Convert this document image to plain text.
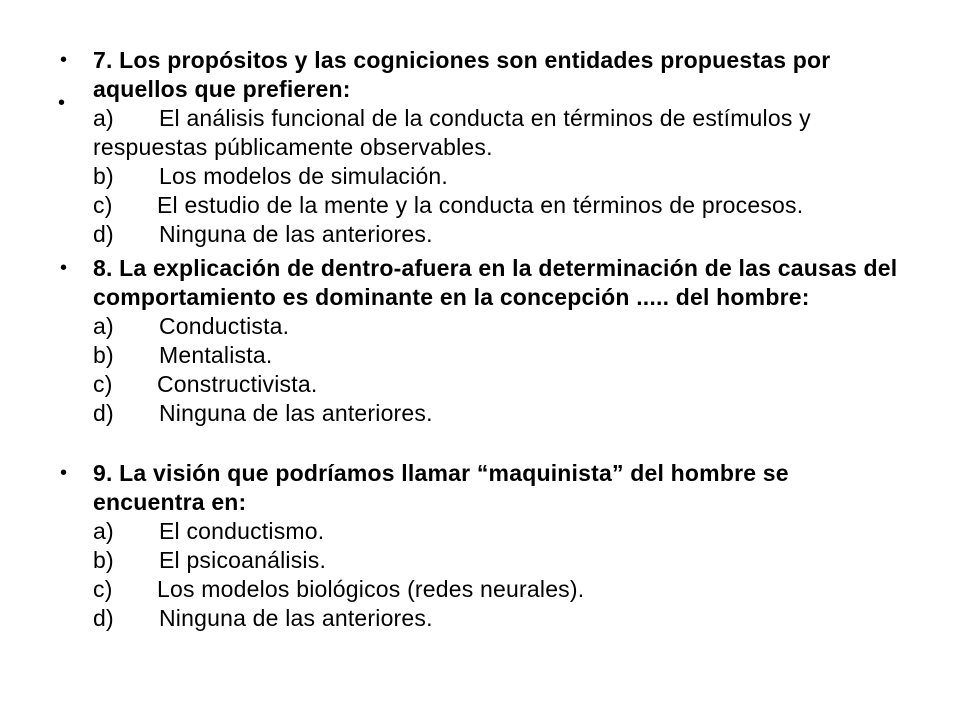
•
•	7. Los propósitos y las cogniciones son entidades propuestas por aquellos que prefieren:
a) El análisis funcional de la conducta en términos de estímulos y
respuestas públicamente observables.
b) Los modelos de simulación.
c) El estudio de la mente y la conducta en términos de procesos.
d) Ninguna de las anteriores.
•	8. La explicación de dentro-afuera en la determinación de las causas del comportamiento es dominante en la concepción ..... del hombre:
a) Conductista.
b) Mentalista.
c) Constructivista.
d) Ninguna de las anteriores.
•	9. La visión que podríamos llamar “maquinista” del hombre se encuentra en:
a) El conductismo.
b) El psicoanálisis.
c) Los modelos biológicos (redes neurales).
d) Ninguna de las anteriores.
